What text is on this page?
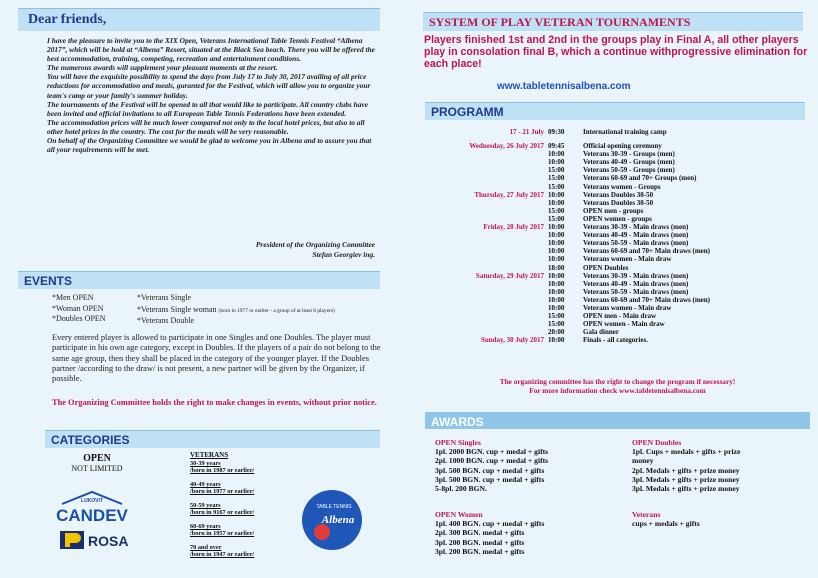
Dear friends,

I have the pleasure to invite you to the XIX Open, Veterans International Table Tennis Festival “Albena 2017”, which will be hold at “Albena” Resort, situated at the Black Sea beach. There you will be offered the best accommodation, training, competing, recreation and entertainment conditions.

The numerous awards will supplement your pleasant moments at the resort.

You will have the exquisite possibility to spend the days from July 17 to July 30, 2017 availing of all price reductions for accommodation and meals, guranted for the Festival, which will allow you to organize your team's camp or your family's summer holiday.

The tournaments of the Festival will be opened to all that would like to participate. All country clubs have been invited and official invitations to all European Table Tennis Federations have been extended.

The accommodation prices will be much lower compared not only to the local hotel prices, but also to all other hotel prices in the country. The cost for the meals will be very reasonable.

On behalf of the Organizing Committee we would be glad to welcome you in Albena and to assure you that all your requirements will be met.

President of the Organizing Committee
Stefan Georgiev ing.
EVENTS
*Men OPEN
*Woman OPEN
*Doubles OPEN
*Veterans Single
*Veterans Single woman (born in 1977 or earlier - a group of at least 8 players)
*Veterans Double
Every entered player is allowed to participate in one Singles and one Doubles. The player must participate in his own age category, except in Doubles. If the players of a pair do not belong to the same age group, then they shall be placed in the category of the younger player. If the Doubles partner /according to the draw/ is not present, a new partner will be given by the Organizer, if possible.
The Organizing Committee holds the right to make changes in events, without prior notice.
CATEGORIES
OPEN
NOT LIMITED
VETERANS
30-39 years
/born in 1987 or earlier/
40-49 years
/born in 1977 or earlier/
50-59 years
/born in 9167 or earlier/
60-69 years
/born in 1957 or earlier/
70 and over
/born in 1947 or earlier/
LUKOVIT
CANDEV
ROSA
TABLE TENNIS
Albena
SYSTEM OF PLAY VETERAN TOURNAMENTS
Players finished 1st and 2nd in the groups play in Final A, all other players play in consolation final B, which a continue withprogressive elimination for each place!
www.tabletennisalbena.com
PROGRAMM
17 - 21 July 09:30	International training camp
Wednesday, 26 July 2017 09:45	Official opening ceremony
10:00	Veterans 30-39 - Groups (men)
10:00	Veterans 40-49 - Groups (men)
15:00	Veterans 50-59 - Groups (men)
15:00	Veterans 60-69 and 70+ Groups (men)
15:00	Veterans women - Groups
Thursday, 27 July 2017 10:00	Veterans Doubles 30-50
10:00	Veterans Doubles 30-50
15:00	OPEN men - groups
15:00	OPEN women - groups
Friday, 28 July 2017 10:00	Veterans 30-39 - Main draws (men)
10:00	Veterans 40-49 - Main draws (men)
10:00	Veterans 50-59 - Main draws (men)
10:00	Veterans 60-69 and 70+ Main draws (men)
10:00	Veterans women - Main draw
18:00	OPEN Doubles
Saturday, 29 July 2017 10:00	Veterans 30-39 - Main draws (men)
10:00	Veterans 40-49 - Main draws (men)
10:00	Veterans 50-59 - Main draws (men)
10:00	Veterans 60-69 and 70+ Main draws (men)
10:00	Veterans women - Main draw
15:00	OPEN men - Main draw
15:00	OPEN women - Main draw
20:00	Gala dinner
Sunday, 30 July 2017 10:00	Finals - all categories.
The organizing committee has the right to change the program if necessary!
For more information check www.tabletennisalbena.com
AWARDS
OPEN Singles
1pl. 2000 BGN. cup + medal + gifts
2pl. 1000 BGN. cup + medal + gifts
3pl. 500 BGN. cup + medal + gifts
3pl. 500 BGN. cup + medal + gifts
5-8pl. 200 BGN.
OPEN Women
1pl. 400 BGN. cup + medal + gifts
2pl. 300 BGN. medal + gifts
3pl. 200 BGN. medal + gifts
3pl. 200 BGN. medal + gifts
OPEN Doubles
1pl. Cups + medals + gifts + prize
money
2pl. Medals + gifts + prize money
3pl. Medals + gifts + prize money
3pl. Medals + gifts + prize money
Veterans
cups + medals + gifts
